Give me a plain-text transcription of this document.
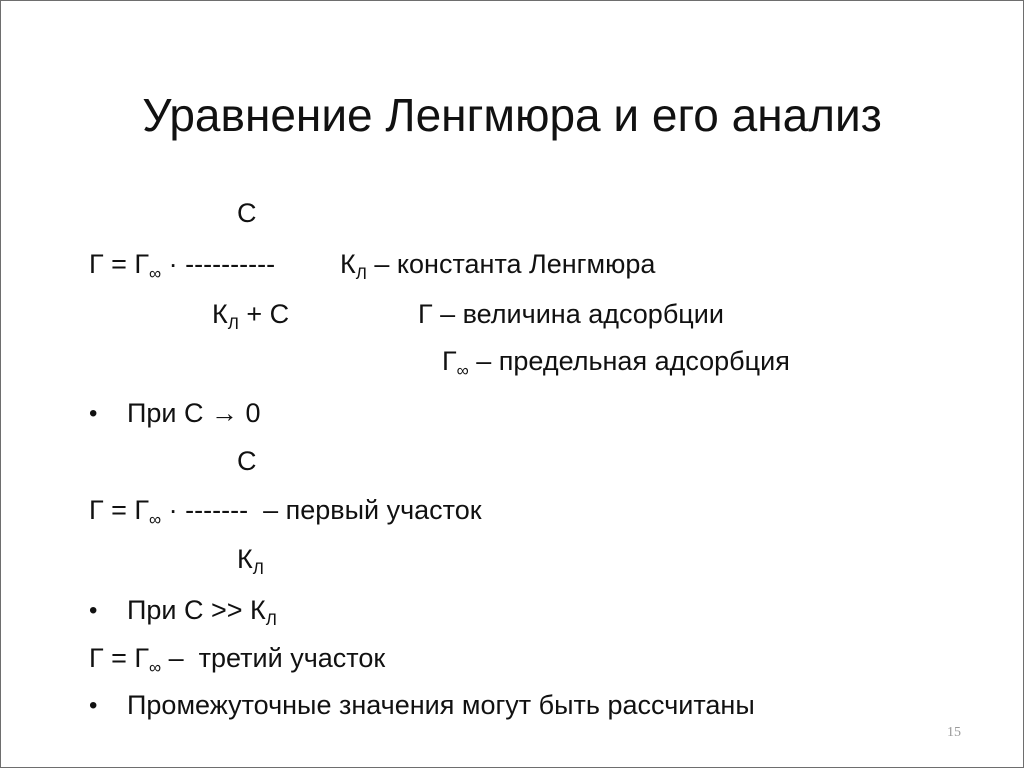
Уравнение Ленгмюра и его анализ
С
$Г = Г_\infty$ · ----------
$К_Л + С$
$К_Л$ – константа Ленгмюра
Г – величина адсорбции
$Г_\infty$ – предельная адсорбция
• При С → 0
С
$Г = Г_\infty$ · -------  – первый участок
$К_Л$
• При $С >> К_Л$
$Г = Г_\infty$ –  третий участок
• Промежуточные значения могут быть рассчитаны
15
